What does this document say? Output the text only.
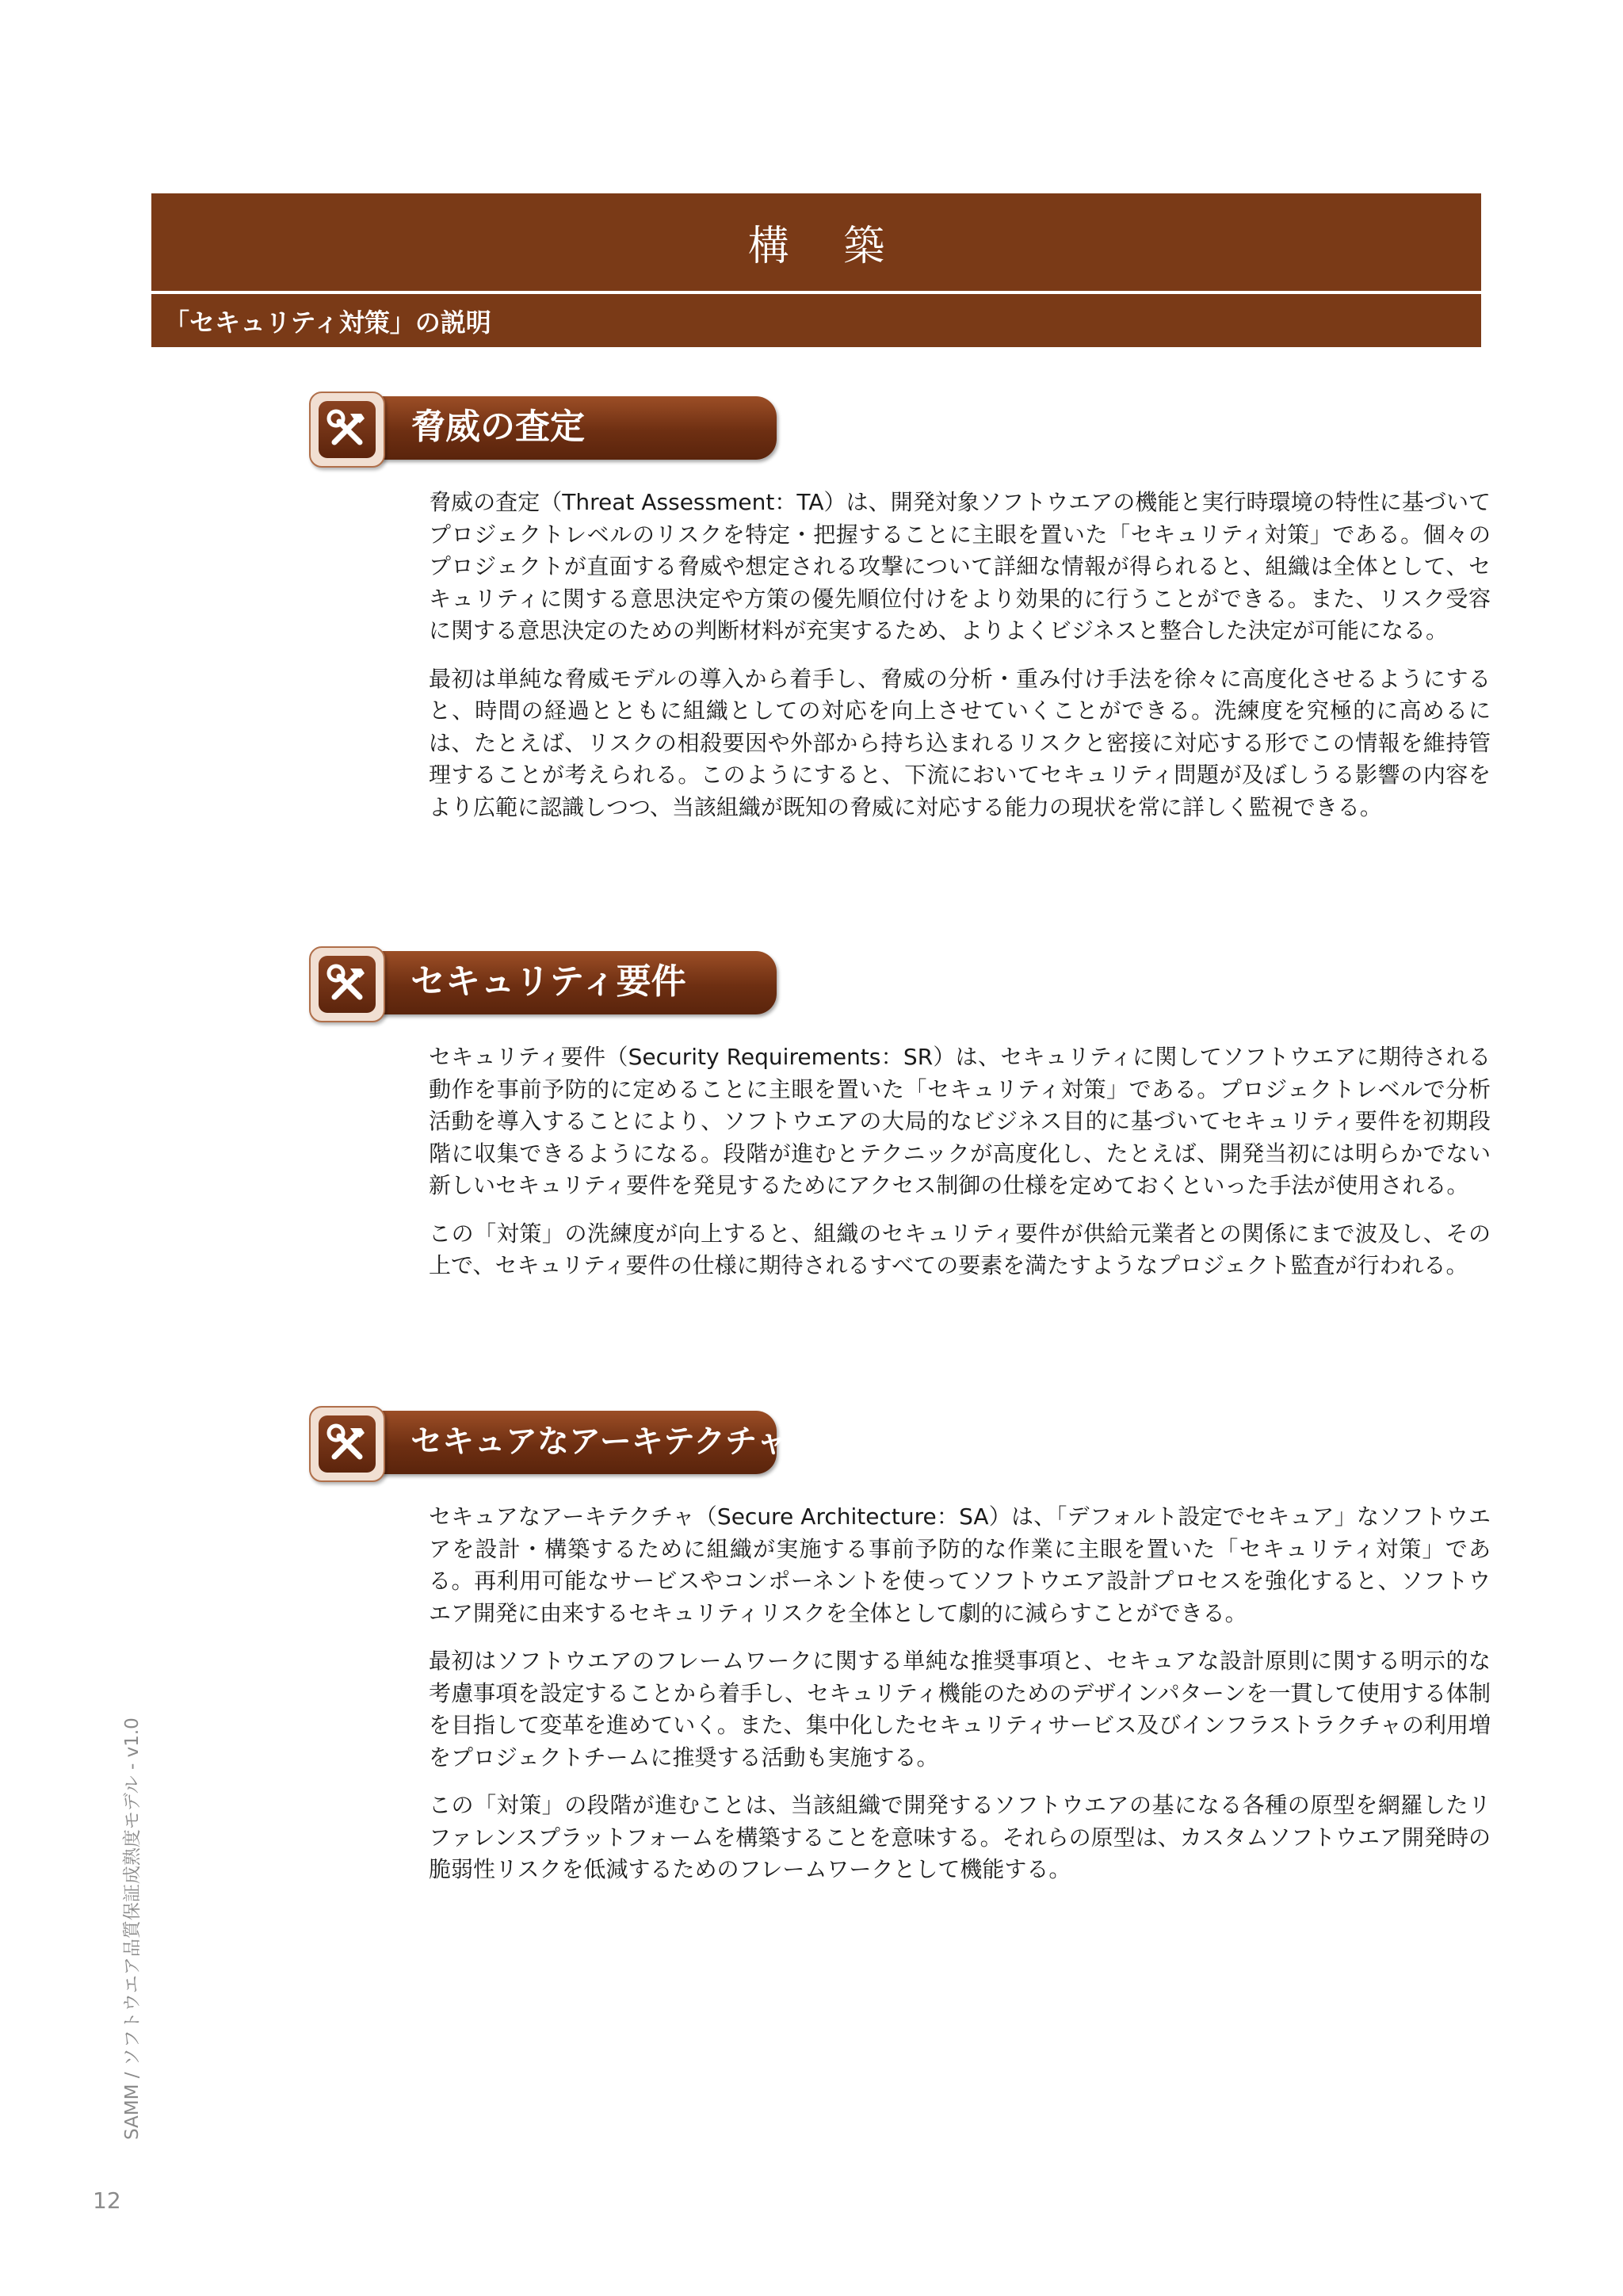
構 築
「セキュリティ対策」の説明
脅威の査定

脅威の査定（Threat Assessment：TA）は、開発対象ソフトウエアの機能と実行時環境の特性に基づいてプロジェクトレベルのリスクを特定・把握することに主眼を置いた「セキュリティ対策」である。個々のプロジェクトが直面する脅威や想定される攻撃について詳細な情報が得られると、組織は全体として、セキュリティに関する意思決定や方策の優先順位付けをより効果的に行うことができる。また、リスク受容に関する意思決定のための判断材料が充実するため、よりよくビジネスと整合した決定が可能になる。

最初は単純な脅威モデルの導入から着手し、脅威の分析・重み付け手法を徐々に高度化させるようにすると、時間の経過とともに組織としての対応を向上させていくことができる。洗練度を究極的に高めるには、たとえば、リスクの相殺要因や外部から持ち込まれるリスクと密接に対応する形でこの情報を維持管理することが考えられる。このようにすると、下流においてセキュリティ問題が及ぼしうる影響の内容をより広範に認識しつつ、当該組織が既知の脅威に対応する能力の現状を常に詳しく監視できる。

セキュリティ要件

セキュリティ要件（Security Requirements：SR）は、セキュリティに関してソフトウエアに期待される動作を事前予防的に定めることに主眼を置いた「セキュリティ対策」である。プロジェクトレベルで分析活動を導入することにより、ソフトウエアの大局的なビジネス目的に基づいてセキュリティ要件を初期段階に収集できるようになる。段階が進むとテクニックが高度化し、たとえば、開発当初には明らかでない新しいセキュリティ要件を発見するためにアクセス制御の仕様を定めておくといった手法が使用される。

この「対策」の洗練度が向上すると、組織のセキュリティ要件が供給元業者との関係にまで波及し、その上で、セキュリティ要件の仕様に期待されるすべての要素を満たすようなプロジェクト監査が行われる。

セキュアなアーキテクチャ

セキュアなアーキテクチャ（Secure Architecture：SA）は、「デフォルト設定でセキュア」なソフトウエアを設計・構築するために組織が実施する事前予防的な作業に主眼を置いた「セキュリティ対策」である。再利用可能なサービスやコンポーネントを使ってソフトウエア設計プロセスを強化すると、ソフトウエア開発に由来するセキュリティリスクを全体として劇的に減らすことができる。

最初はソフトウエアのフレームワークに関する単純な推奨事項と、セキュアな設計原則に関する明示的な考慮事項を設定することから着手し、セキュリティ機能のためのデザインパターンを一貫して使用する体制を目指して変革を進めていく。また、集中化したセキュリティサービス及びインフラストラクチャの利用増をプロジェクトチームに推奨する活動も実施する。

この「対策」の段階が進むことは、当該組織で開発するソフトウエアの基になる各種の原型を網羅したリファレンスプラットフォームを構築することを意味する。それらの原型は、カスタムソフトウエア開発時の脆弱性リスクを低減するためのフレームワークとして機能する。

SAMM / ソフトウエア品質保証成熟度モデル - v1.0
12
